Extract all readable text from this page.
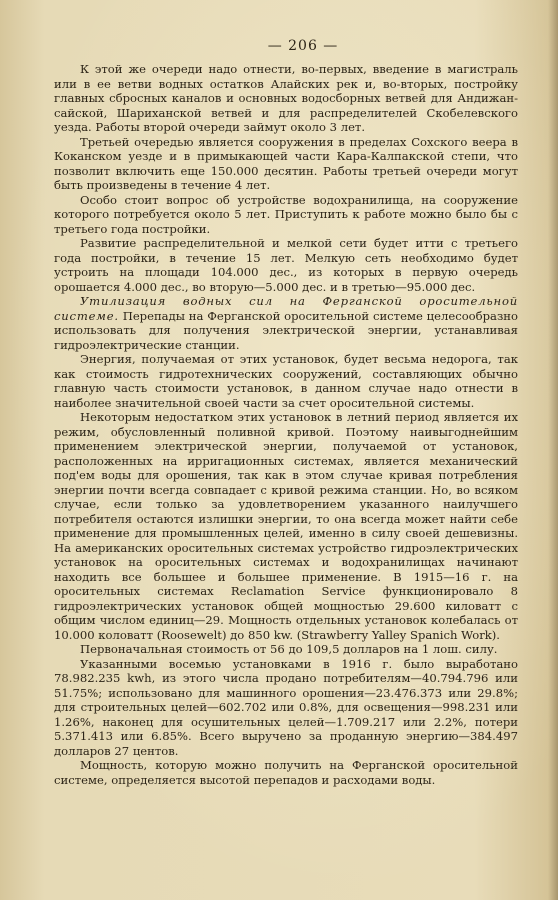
— 206 —

К этой же очереди надо отнести, во-первых, введение в магистраль или в ее ветви водных остатков Алайских рек и, во-вторых, постройку главных сбросных каналов и основных водосборных ветвей для Андижан-сайской, Шариханской ветвей и для распределителей Скобелевского уезда. Работы второй очереди займут около 3 лет.

Третьей очередью является сооружения в пределах Сохского веера в Коканском уезде и в примыкающей части Кара-Калпакской степи, что позволит включить еще 150.000 десятин. Работы третьей очереди могут быть произведены в течение 4 лет.

Особо стоит вопрос об устройстве водохранилища, на сооружение которого потребуется около 5 лет. Приступить к работе можно было бы с третьего года постройки.

Развитие распределительной и мелкой сети будет итти с третьего года постройки, в течение 15 лет. Мелкую сеть необходимо будет устроить на площади 104.000 дес., из которых в первую очередь орошается 4.000 дес., во вторую—5.000 дес. и в третью—95.000 дес.

Утилизация водных сил на Ферганской оросительной системе. Перепады на Ферганской оросительной системе целесообразно использовать для получения электрической энергии, устанавливая гидроэлектрические станции.

Энергия, получаемая от этих установок, будет весьма недорога, так как стоимость гидротехнических сооружений, составляющих обычно главную часть стоимости установок, в данном случае надо отнести в наиболее значительной своей части за счет оросительной системы.

Некоторым недостатком этих установок в летний период является их режим, обусловленный поливной кривой. Поэтому наивыгоднейшим применением электрической энергии, получаемой от установок, расположенных на ирригационных системах, является механический под'ем воды для орошения, так как в этом случае кривая потребления энергии почти всегда совпадает с кривой режима станции. Но, во всяком случае, если только за удовлетворением указанного наилучшего потребителя остаются излишки энергии, то она всегда может найти себе применение для промышленных целей, именно в силу своей дешевизны. На американских оросительных системах устройство гидроэлектрических установок на оросительных системах и водохранилищах начинают находить все большее и большее применение. В 1915—16 г. на оросительных системах Reclamation Service функционировало 8 гидроэлектрических установок общей мощностью 29.600 киловатт с общим числом единиц—29. Мощность отдельных установок колебалась от 10.000 коловатт (Roosewelt) до 850 kw. (Strawberry Yalley Spanich Work).

Первоначальная стоимость от 56 до 109,5 долларов на 1 лош. силу.

Указанными восемью установками в 1916 г. было выработано 78.982.235 kwh, из этого числа продано потребителям—40.794.796 или 51.75%; использовано для машинного орошения—23.476.373 или 29.8%; для строительных целей—602.702 или 0.8%, для освещения—998.231 или 1.26%, наконец для осушительных целей—1.709.217 или 2.2%, потери 5.371.413 или 6.85%. Всего выручено за проданную энергию—384.497 долларов 27 центов.

Мощность, которую можно получить на Ферганской оросительной системе, определяется высотой перепадов и расходами воды.
